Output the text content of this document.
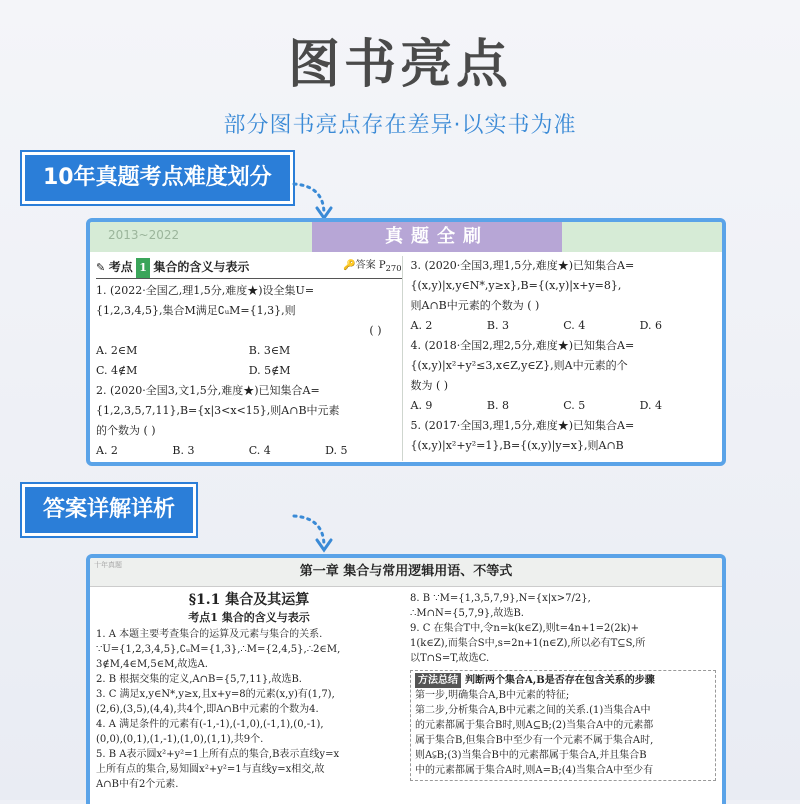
图书亮点
部分图书亮点存在差异·以实书为准
10年真题考点难度划分
2013~2022	真题全刷
✎ 考点 1 集合的含义与表示	🔑答案 $P_{270}$
1. (2022·全国乙,理1,5分,难度★)设全集U=
{1,2,3,4,5},集合M满足∁ᵤM={1,3},则
( )
A. 2∈M	B. 3∈M
C. 4∉M	D. 5∉M
2. (2020·全国3,文1,5分,难度★)已知集合A=
{1,2,3,5,7,11},B={x|3<x<15},则A∩B中元素
的个数为 ( )
A. 2	B. 3	C. 4	D. 5
3. (2020·全国3,理1,5分,难度★)已知集合A=
{(x,y)|x,y∈N*,y≥x},B={(x,y)|x+y=8},
则A∩B中元素的个数为 ( )
A. 2	B. 3	C. 4	D. 6
4. (2018·全国2,理2,5分,难度★)已知集合A=
{(x,y)|x²+y²≤3,x∈Z,y∈Z},则A中元素的个
数为 ( )
A. 9	B. 8	C. 5	D. 4
5. (2017·全国3,理1,5分,难度★)已知集合A=
{(x,y)|x²+y²=1},B={(x,y)|y=x},则A∩B
答案详解详析
十年真题	第一章 集合与常用逻辑用语、不等式
§1.1 集合及其运算
考点1 集合的含义与表示
1. A 本题主要考查集合的运算及元素与集合的关系.
∵U={1,2,3,4,5},∁ᵤM={1,3},∴M={2,4,5},∴2∈M,
3∉M,4∈M,5∈M,故选A.
2. B 根据交集的定义,A∩B={5,7,11},故选B.
3. C 满足x,y∈N*,y≥x,且x+y=8的元素(x,y)有(1,7),
(2,6),(3,5),(4,4),共4个,即A∩B中元素的个数为4.
4. A 满足条件的元素有(-1,-1),(-1,0),(-1,1),(0,-1),
(0,0),(0,1),(1,-1),(1,0),(1,1),共9个.
5. B A表示圆x²+y²=1上所有点的集合,B表示直线y=x
上所有点的集合,易知圆x²+y²=1与直线y=x相交,故
A∩B中有2个元素.
8. B ∵M={1,3,5,7,9},N={x|x>7/2},
∴M∩N={5,7,9},故选B.
9. C 在集合T中,令n=k(k∈Z),则t=4n+1=2(2k)+
1(k∈Z),而集合S中,s=2n+1(n∈Z),所以必有T⊆S,所
以T∩S=T,故选C.
方法总结 判断两个集合A,B是否存在包含关系的步骤
第一步,明确集合A,B中元素的特征;
第二步,分析集合A,B中元素之间的关系.(1)当集合A中
的元素都属于集合B时,则A⊆B;(2)当集合A中的元素都
属于集合B,但集合B中至少有一个元素不属于集合A时,
则A⫋B;(3)当集合B中的元素都属于集合A,并且集合B
中的元素都属于集合A时,则A=B;(4)当集合A中至少有
